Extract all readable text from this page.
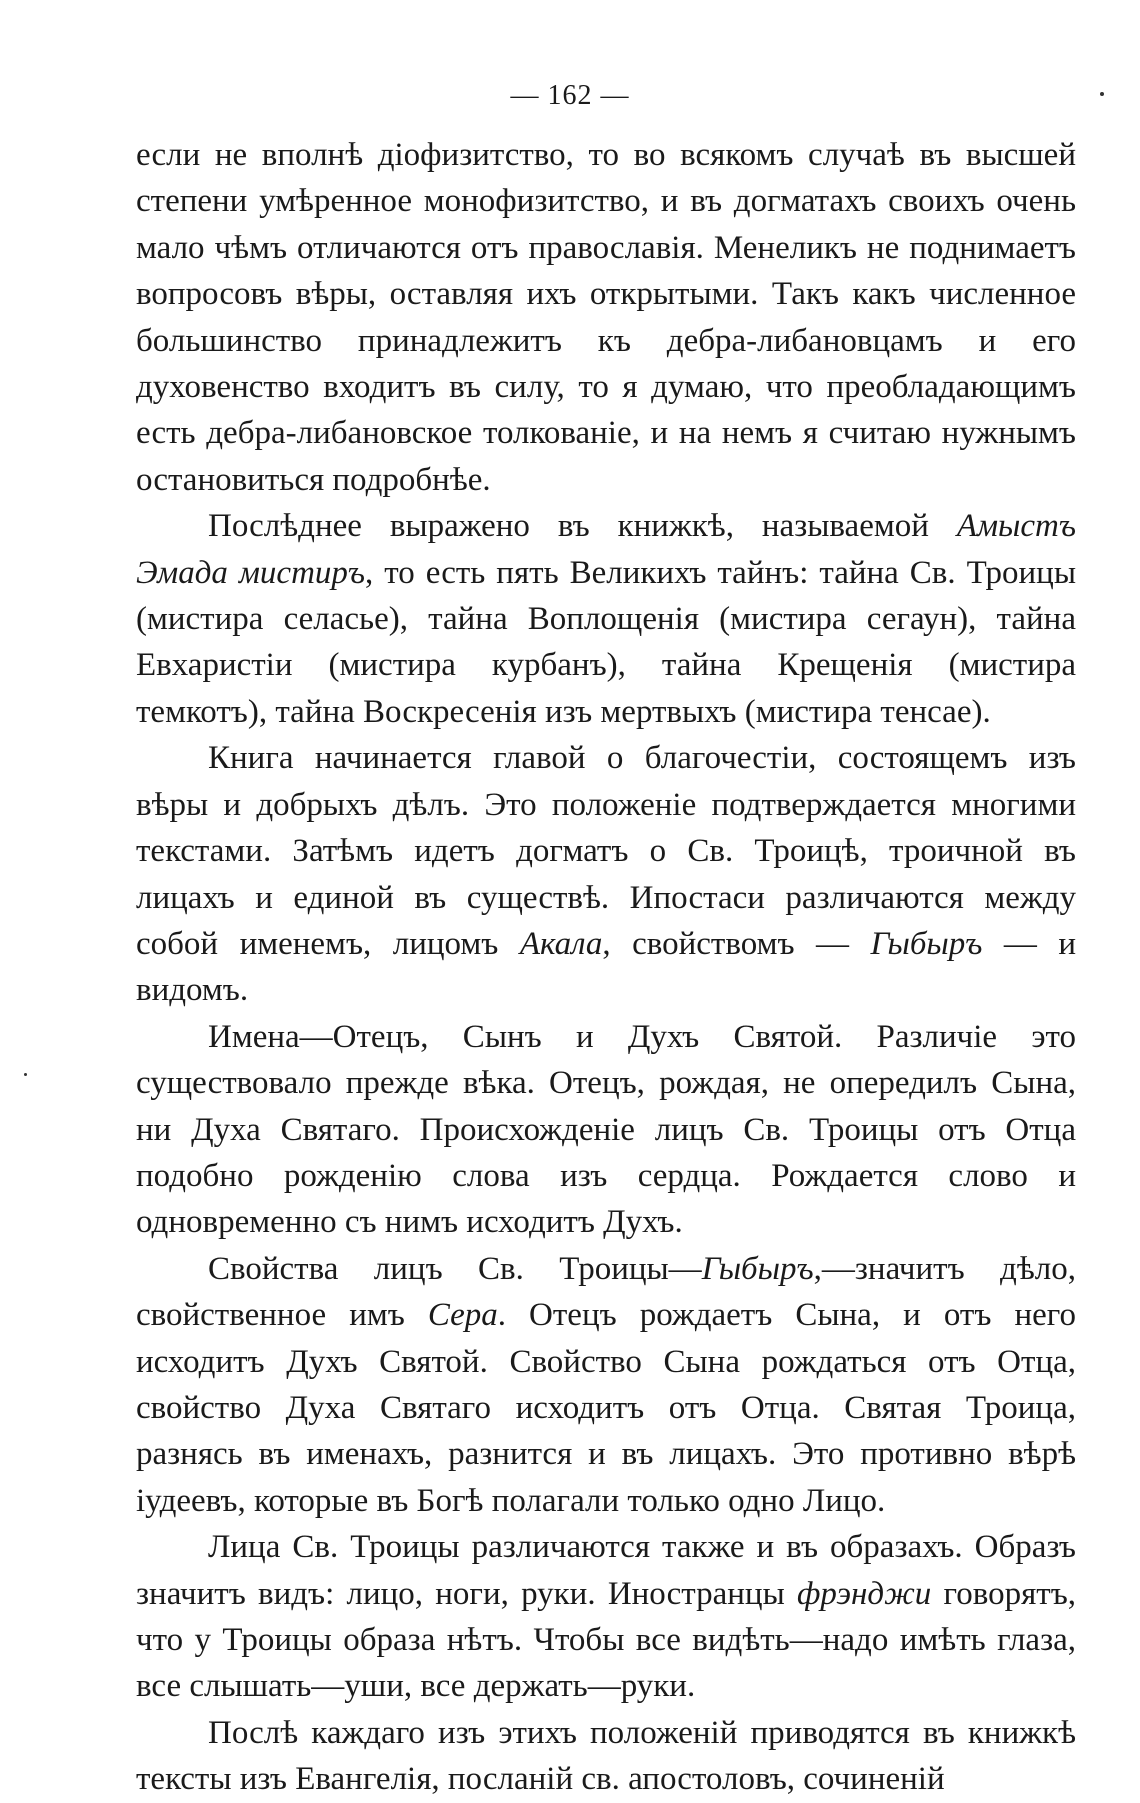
— 162 —

если не вполнѣ діофизитство, то во всякомъ случаѣ въ высшей степени умѣренное монофизитство, и въ догматахъ своихъ очень мало чѣмъ отличаются отъ православія. Менеликъ не поднимаетъ вопросовъ вѣры, оставляя ихъ открытыми. Такъ какъ численное большинство принадлежитъ къ дебра-либановцамъ и его духовенство входитъ въ силу, то я думаю, что преобладающимъ есть дебра-либановское толкованіе, и на немъ я считаю нужнымъ остановиться подробнѣе.

Послѣднее выражено въ книжкѣ, называемой Амыстъ Эмада мистиръ, то есть пять Великихъ тайнъ: тайна Св. Троицы (мистира селасье), тайна Воплощенія (мистира сегаун), тайна Евхаристіи (мистира курбанъ), тайна Крещенія (мистира темкотъ), тайна Воскресенія изъ мертвыхъ (мистира тенсае).

Книга начинается главой о благочестіи, состоящемъ изъ вѣры и добрыхъ дѣлъ. Это положеніе подтверждается многими текстами. Затѣмъ идетъ догматъ о Св. Троицѣ, троичной въ лицахъ и единой въ существѣ. Ипостаси различаются между собой именемъ, лицомъ Акала, свойствомъ — Гыбыръ — и видомъ.

Имена—Отецъ, Сынъ и Духъ Святой. Различіе это существовало прежде вѣка. Отецъ, рождая, не опередилъ Сына, ни Духа Святаго. Происхожденіе лицъ Св. Троицы отъ Отца подобно рожденію слова изъ сердца. Рождается слово и одновременно съ нимъ исходитъ Духъ.

Свойства лицъ Св. Троицы—Гыбыръ,—значитъ дѣло, свойственное имъ Сера. Отецъ рождаетъ Сына, и отъ него исходитъ Духъ Святой. Свойство Сына рождаться отъ Отца, свойство Духа Святаго исходитъ отъ Отца. Святая Троица, разнясь въ именахъ, разнится и въ лицахъ. Это противно вѣрѣ іудеевъ, которые въ Богѣ полагали только одно Лицо.

Лица Св. Троицы различаются также и въ образахъ. Образъ значитъ видъ: лицо, ноги, руки. Иностранцы фрэнджи говорятъ, что у Троицы образа нѣтъ. Чтобы все видѣть—надо имѣть глаза, все слышать—уши, все держать—руки.

Послѣ каждаго изъ этихъ положеній приводятся въ книжкѣ тексты изъ Евангелія, посланій св. апостоловъ, сочиненій
